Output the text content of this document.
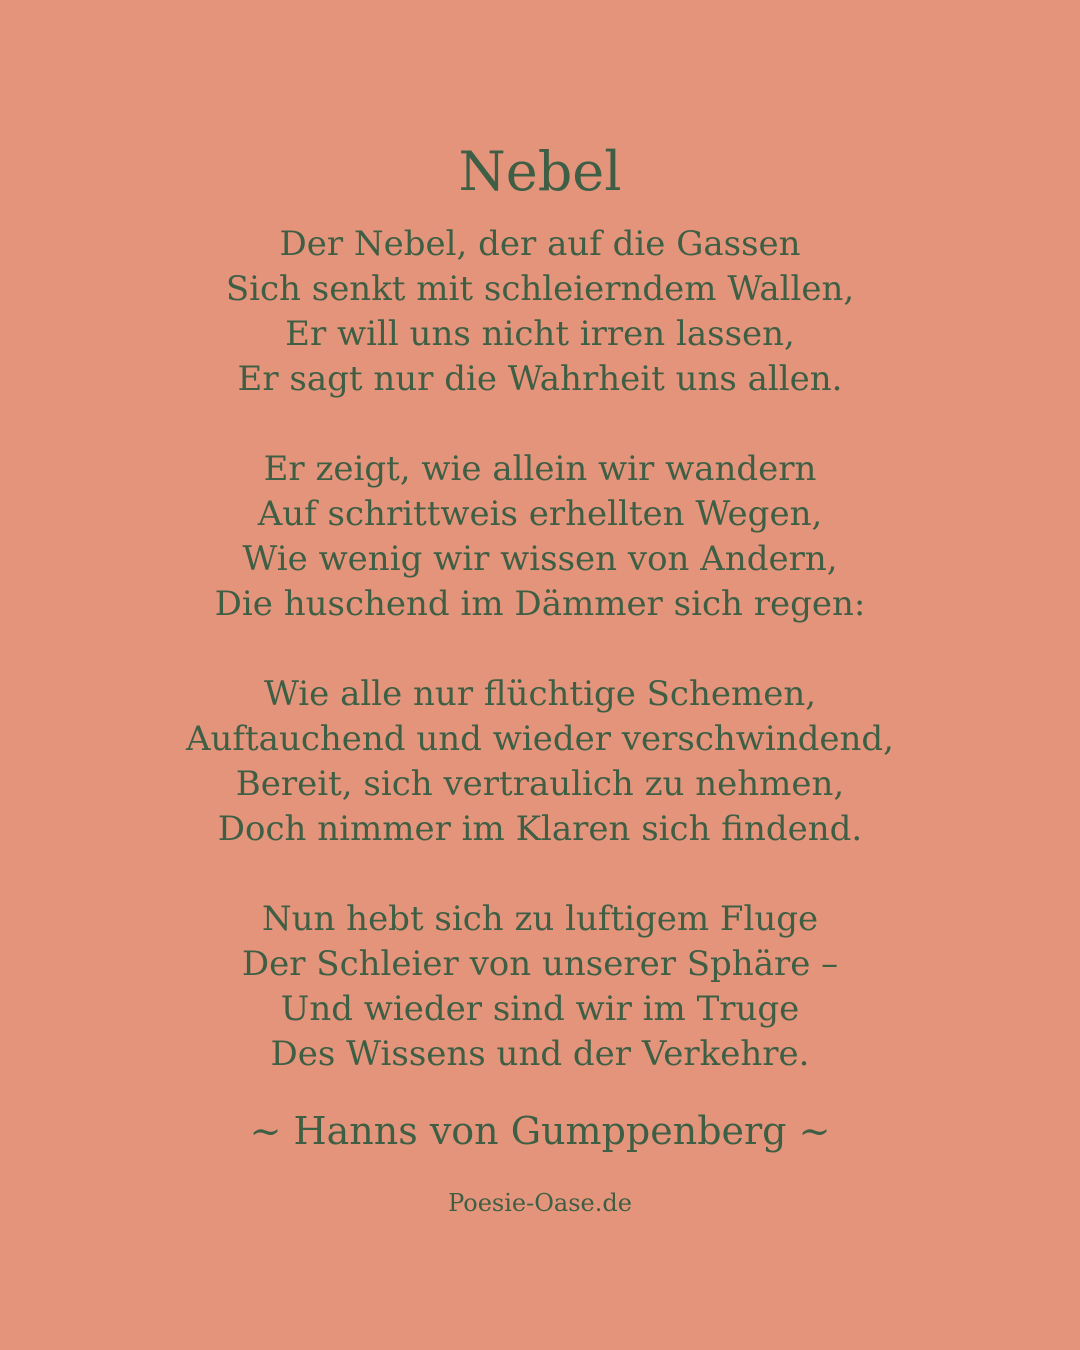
Nebel
Der Nebel, der auf die Gassen
Sich senkt mit schleierndem Wallen,
Er will uns nicht irren lassen,
Er sagt nur die Wahrheit uns allen.
Er zeigt, wie allein wir wandern
Auf schrittweis erhellten Wegen,
Wie wenig wir wissen von Andern,
Die huschend im Dämmer sich regen:
Wie alle nur flüchtige Schemen,
Auftauchend und wieder verschwindend,
Bereit, sich vertraulich zu nehmen,
Doch nimmer im Klaren sich findend.
Nun hebt sich zu luftigem Fluge
Der Schleier von unserer Sphäre –
Und wieder sind wir im Truge
Des Wissens und der Verkehre.
~ Hanns von Gumppenberg ~
Poesie-Oase.de
